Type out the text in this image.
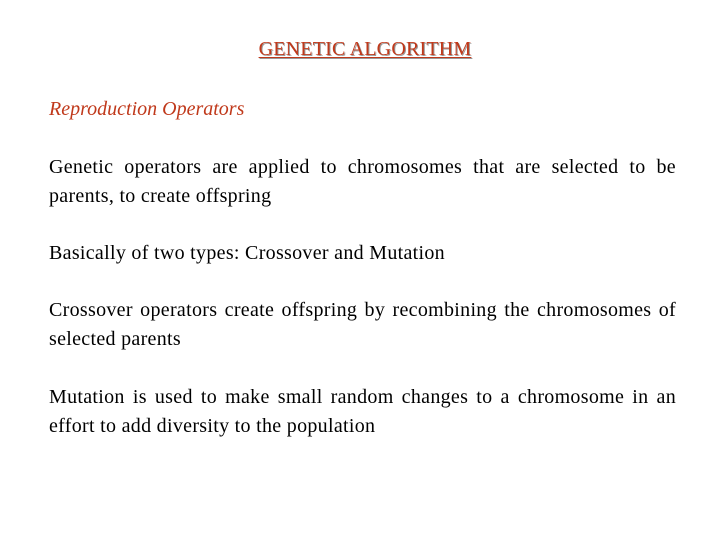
GENETIC ALGORITHM
Reproduction Operators
Genetic operators are applied to chromosomes that are selected to be parents, to create offspring
Basically of two types: Crossover and Mutation
Crossover operators create offspring by recombining the chromosomes of selected parents
Mutation is used to make small random changes to a chromosome in an effort to add diversity to the population
